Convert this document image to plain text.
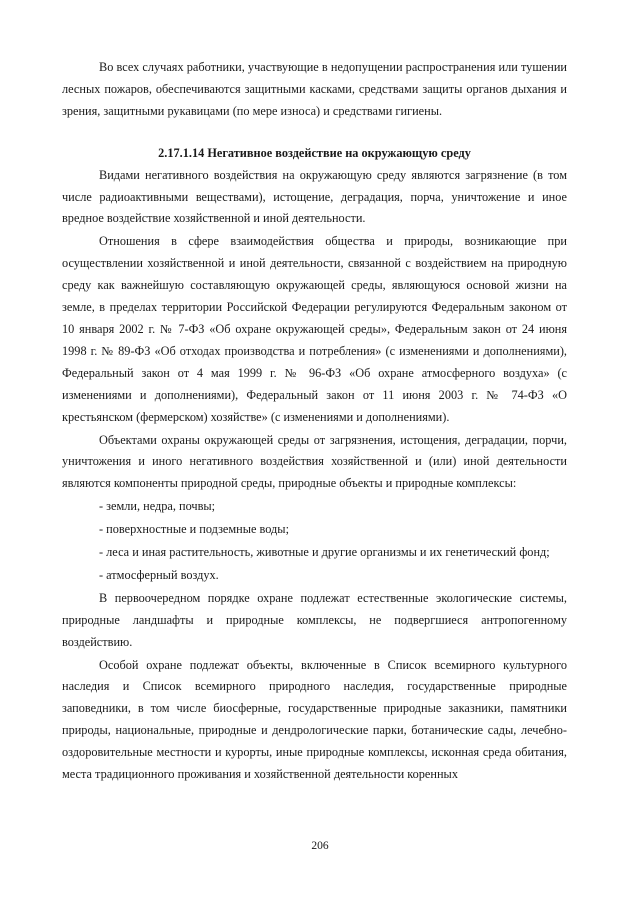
Во всех случаях работники, участвующие в недопущении распространения или тушении лесных пожаров, обеспечиваются защитными касками, средствами защиты органов дыхания и зрения, защитными рукавицами (по мере износа) и средствами гигиены.

2.17.1.14 Негативное воздействие на окружающую среду

Видами негативного воздействия на окружающую среду являются загрязнение (в том числе радиоактивными веществами), истощение, деградация, порча, уничтожение и иное вредное воздействие хозяйственной и иной деятельности.

Отношения в сфере взаимодействия общества и природы, возникающие при осуществлении хозяйственной и иной деятельности, связанной с воздействием на природную среду как важнейшую составляющую окружающей среды, являющуюся основой жизни на земле, в пределах территории Российской Федерации регулируются Федеральным законом от 10 января 2002 г. № 7-ФЗ «Об охране окружающей среды», Федеральным закон от 24 июня 1998 г. № 89-ФЗ «Об отходах производства и потребления» (с изменениями и дополнениями), Федеральный закон от 4 мая 1999 г. № 96-ФЗ «Об охране атмосферного воздуха» (с изменениями и дополнениями), Федеральный закон от 11 июня 2003 г. № 74-ФЗ «О крестьянском (фермерском) хозяйстве» (с изменениями и дополнениями).

Объектами охраны окружающей среды от загрязнения, истощения, деградации, порчи, уничтожения и иного негативного воздействия хозяйственной и (или) иной деятельности являются компоненты природной среды, природные объекты и природные комплексы:

- земли, недра, почвы;

- поверхностные и подземные воды;

- леса и иная растительность, животные и другие организмы и их генетический фонд;

- атмосферный воздух.

В первоочередном порядке охране подлежат естественные экологические системы, природные ландшафты и природные комплексы, не подвергшиеся антропогенному воздействию.

Особой охране подлежат объекты, включенные в Список всемирного культурного наследия и Список всемирного природного наследия, государственные природные заповедники, в том числе биосферные, государственные природные заказники, памятники природы, национальные, природные и дендрологические парки, ботанические сады, лечебно-оздоровительные местности и курорты, иные природные комплексы, исконная среда обитания, места традиционного проживания и хозяйственной деятельности коренных

206
